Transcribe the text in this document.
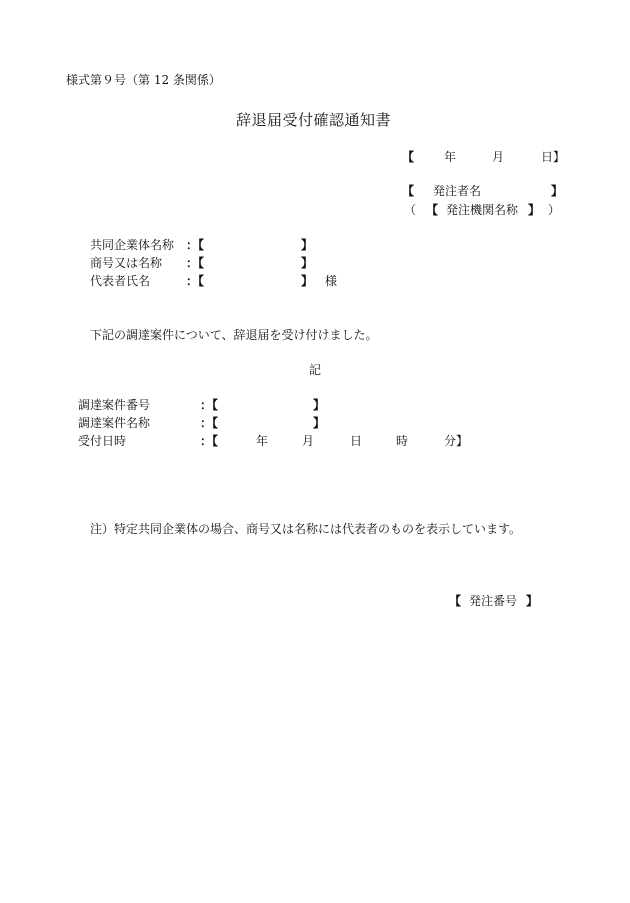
様式第９号（第 12 条関係）
辞退届受付確認通知書
【 年	月	日】
【 発注者名	】
（ 【 発注機関名称 】 ）
共同企業体名称 ：【	】
商号又は名称 ：【	】
代表者氏名	：【	】 様
下記の調達案件について、辞退届を受け付けました。
記
調達案件番号	：【	】
調達案件名称	：【	】
受付日時	：【	年	月	日	時	分】
注）特定共同企業体の場合、商号又は名称には代表者のものを表示しています。
【 発注番号 】
